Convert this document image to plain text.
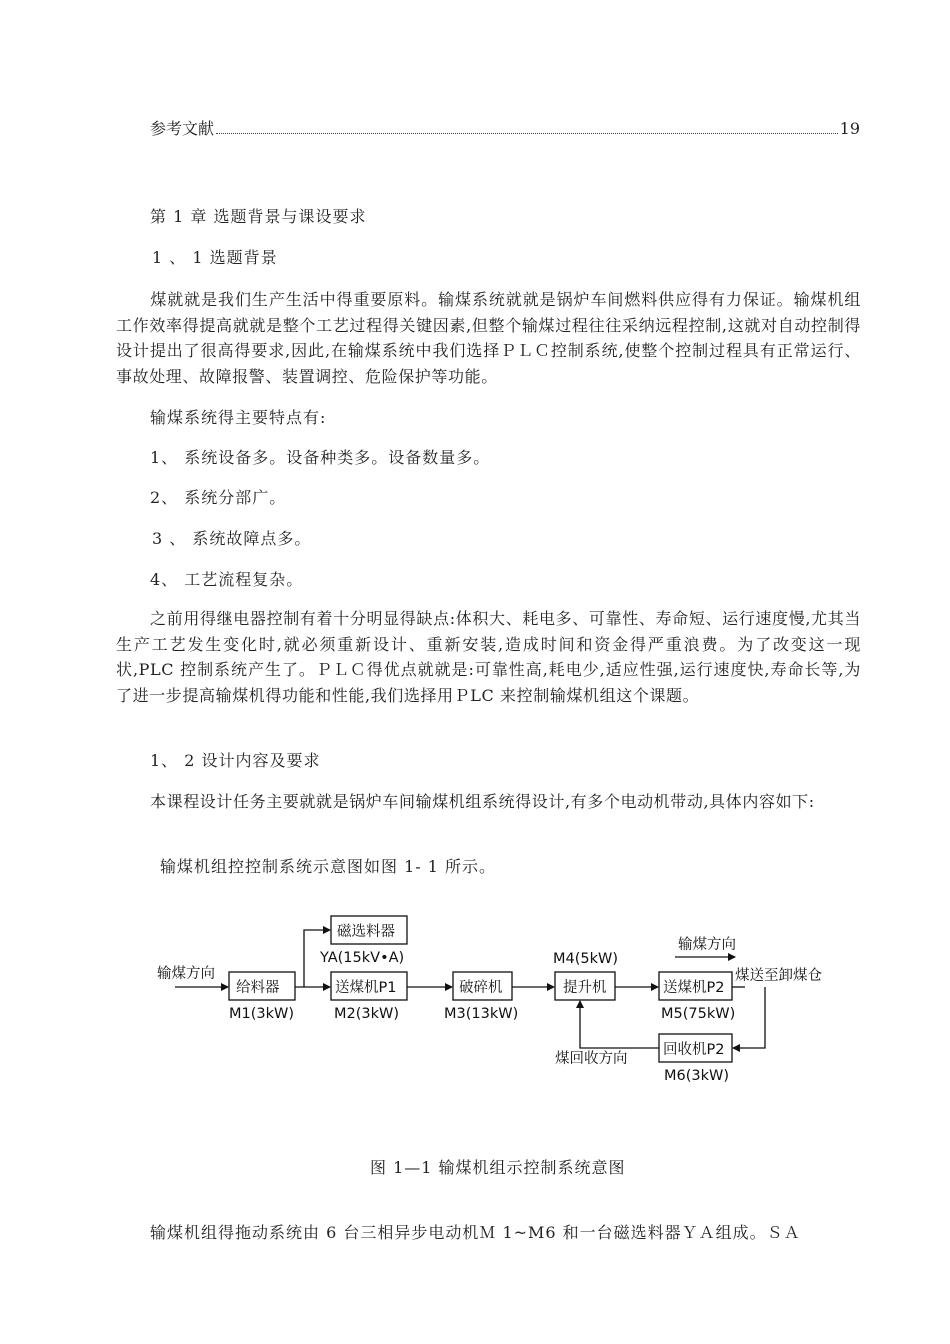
参考文献	19
第 1 章 选题背景与课设要求
1 、 1 选题背景
煤就就是我们生产生活中得重要原料。输煤系统就就是锅炉车间燃料供应得有力保证。输煤机组工作效率得提高就就是整个工艺过程得关键因素,但整个输煤过程往往采纳远程控制,这就对自动控制得设计提出了很高得要求,因此,在输煤系统中我们选择ＰＬＣ控制系统,使整个控制过程具有正常运行、事故处理、故障报警、装置调控、危险保护等功能。
输煤系统得主要特点有:
1、 系统设备多。设备种类多。设备数量多。
2、 系统分部广。
3 、 系统故障点多。
4、 工艺流程复杂。
之前用得继电器控制有着十分明显得缺点:体积大、耗电多、可靠性、寿命短、运行速度慢,尤其当生产工艺发生变化时,就必须重新设计、重新安装,造成时间和资金得严重浪费。为了改变这一现状,PLC 控制系统产生了。ＰＬＣ得优点就就是:可靠性高,耗电少,适应性强,运行速度快,寿命长等,为了进一步提高输煤机得功能和性能,我们选择用ＰLC 来控制输煤机组这个课题。
1、 2 设计内容及要求
本课程设计任务主要就就是锅炉车间输煤机组系统得设计,有多个电动机带动,具体内容如下:
输煤机组控控制系统示意图如图 1- 1 所示。
输煤方向
给料器
M1(3kW)
磁选料器
YA(15kV•A)
送煤机P1
M2(3kW)
破碎机
M3(13kW)
M4(5kW)
提升机
输煤方向
送煤机P2
煤送至卸煤仓
M5(75kW)
回收机P2
煤回收方向
M6(3kW)
图 1—1 输煤机组示控制系统意图
输煤机组得拖动系统由 6 台三相异步电动机Ｍ 1~M6 和一台磁选料器ＹＡ组成。ＳＡ
